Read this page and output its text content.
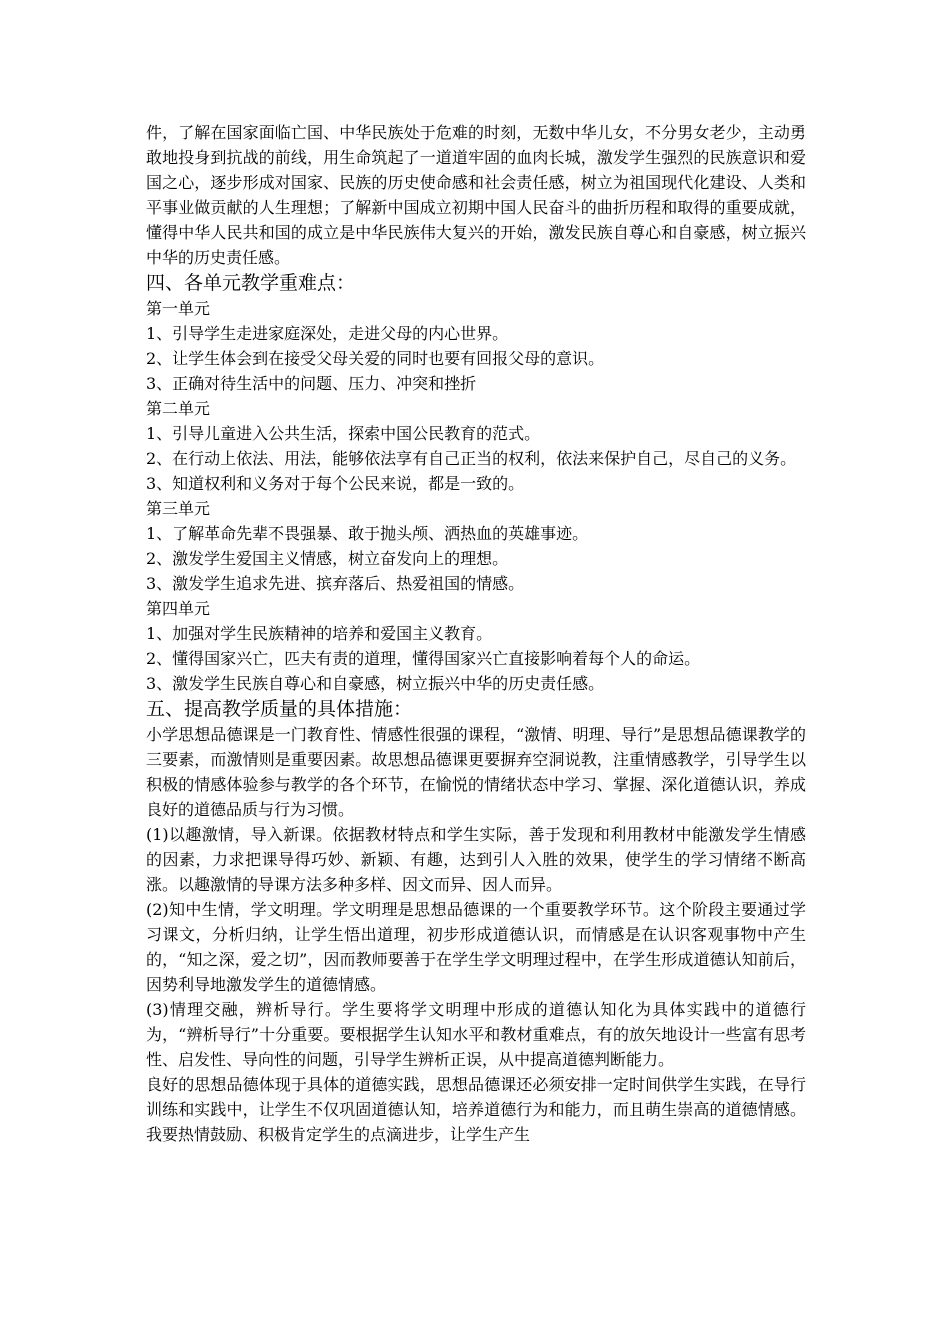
件，了解在国家面临亡国、中华民族处于危难的时刻，无数中华儿女，不分男女老少，主动勇敢地投身到抗战的前线，用生命筑起了一道道牢固的血肉长城，激发学生强烈的民族意识和爱国之心，逐步形成对国家、民族的历史使命感和社会责任感，树立为祖国现代化建设、人类和平事业做贡献的人生理想；了解新中国成立初期中国人民奋斗的曲折历程和取得的重要成就，懂得中华人民共和国的成立是中华民族伟大复兴的开始，激发民族自尊心和自豪感，树立振兴中华的历史责任感。

四、各单元教学重难点：

第一单元

1、引导学生走进家庭深处，走进父母的内心世界。

2、让学生体会到在接受父母关爱的同时也要有回报父母的意识。

3、正确对待生活中的问题、压力、冲突和挫折

第二单元

1、引导儿童进入公共生活，探索中国公民教育的范式。

2、在行动上依法、用法，能够依法享有自己正当的权利，依法来保护自己，尽自己的义务。

3、知道权利和义务对于每个公民来说，都是一致的。

第三单元

1、了解革命先辈不畏强暴、敢于抛头颅、洒热血的英雄事迹。

2、激发学生爱国主义情感，树立奋发向上的理想。

3、激发学生追求先进、摈弃落后、热爱祖国的情感。

第四单元

1、加强对学生民族精神的培养和爱国主义教育。

2、懂得国家兴亡，匹夫有责的道理，懂得国家兴亡直接影响着每个人的命运。

3、激发学生民族自尊心和自豪感，树立振兴中华的历史责任感。

五、提高教学质量的具体措施：

小学思想品德课是一门教育性、情感性很强的课程，“激情、明理、导行”是思想品德课教学的三要素，而激情则是重要因素。故思想品德课更要摒弃空洞说教，注重情感教学，引导学生以积极的情感体验参与教学的各个环节，在愉悦的情绪状态中学习、掌握、深化道德认识，养成良好的道德品质与行为习惯。

(1)以趣激情，导入新课。依据教材特点和学生实际，善于发现和利用教材中能激发学生情感的因素，力求把课导得巧妙、新颖、有趣，达到引人入胜的效果，使学生的学习情绪不断高涨。以趣激情的导课方法多种多样、因文而异、因人而异。

(2)知中生情，学文明理。学文明理是思想品德课的一个重要教学环节。这个阶段主要通过学习课文，分析归纳，让学生悟出道理，初步形成道德认识，而情感是在认识客观事物中产生的，“知之深，爱之切”，因而教师要善于在学生学文明理过程中，在学生形成道德认知前后，因势利导地激发学生的道德情感。

(3)情理交融，辨析导行。学生要将学文明理中形成的道德认知化为具体实践中的道德行为，“辨析导行”十分重要。要根据学生认知水平和教材重难点，有的放矢地设计一些富有思考性、启发性、导向性的问题，引导学生辨析正误，从中提高道德判断能力。

良好的思想品德体现于具体的道德实践，思想品德课还必须安排一定时间供学生实践，在导行训练和实践中，让学生不仅巩固道德认知，培养道德行为和能力，而且萌生崇高的道德情感。我要热情鼓励、积极肯定学生的点滴进步，让学生产生
